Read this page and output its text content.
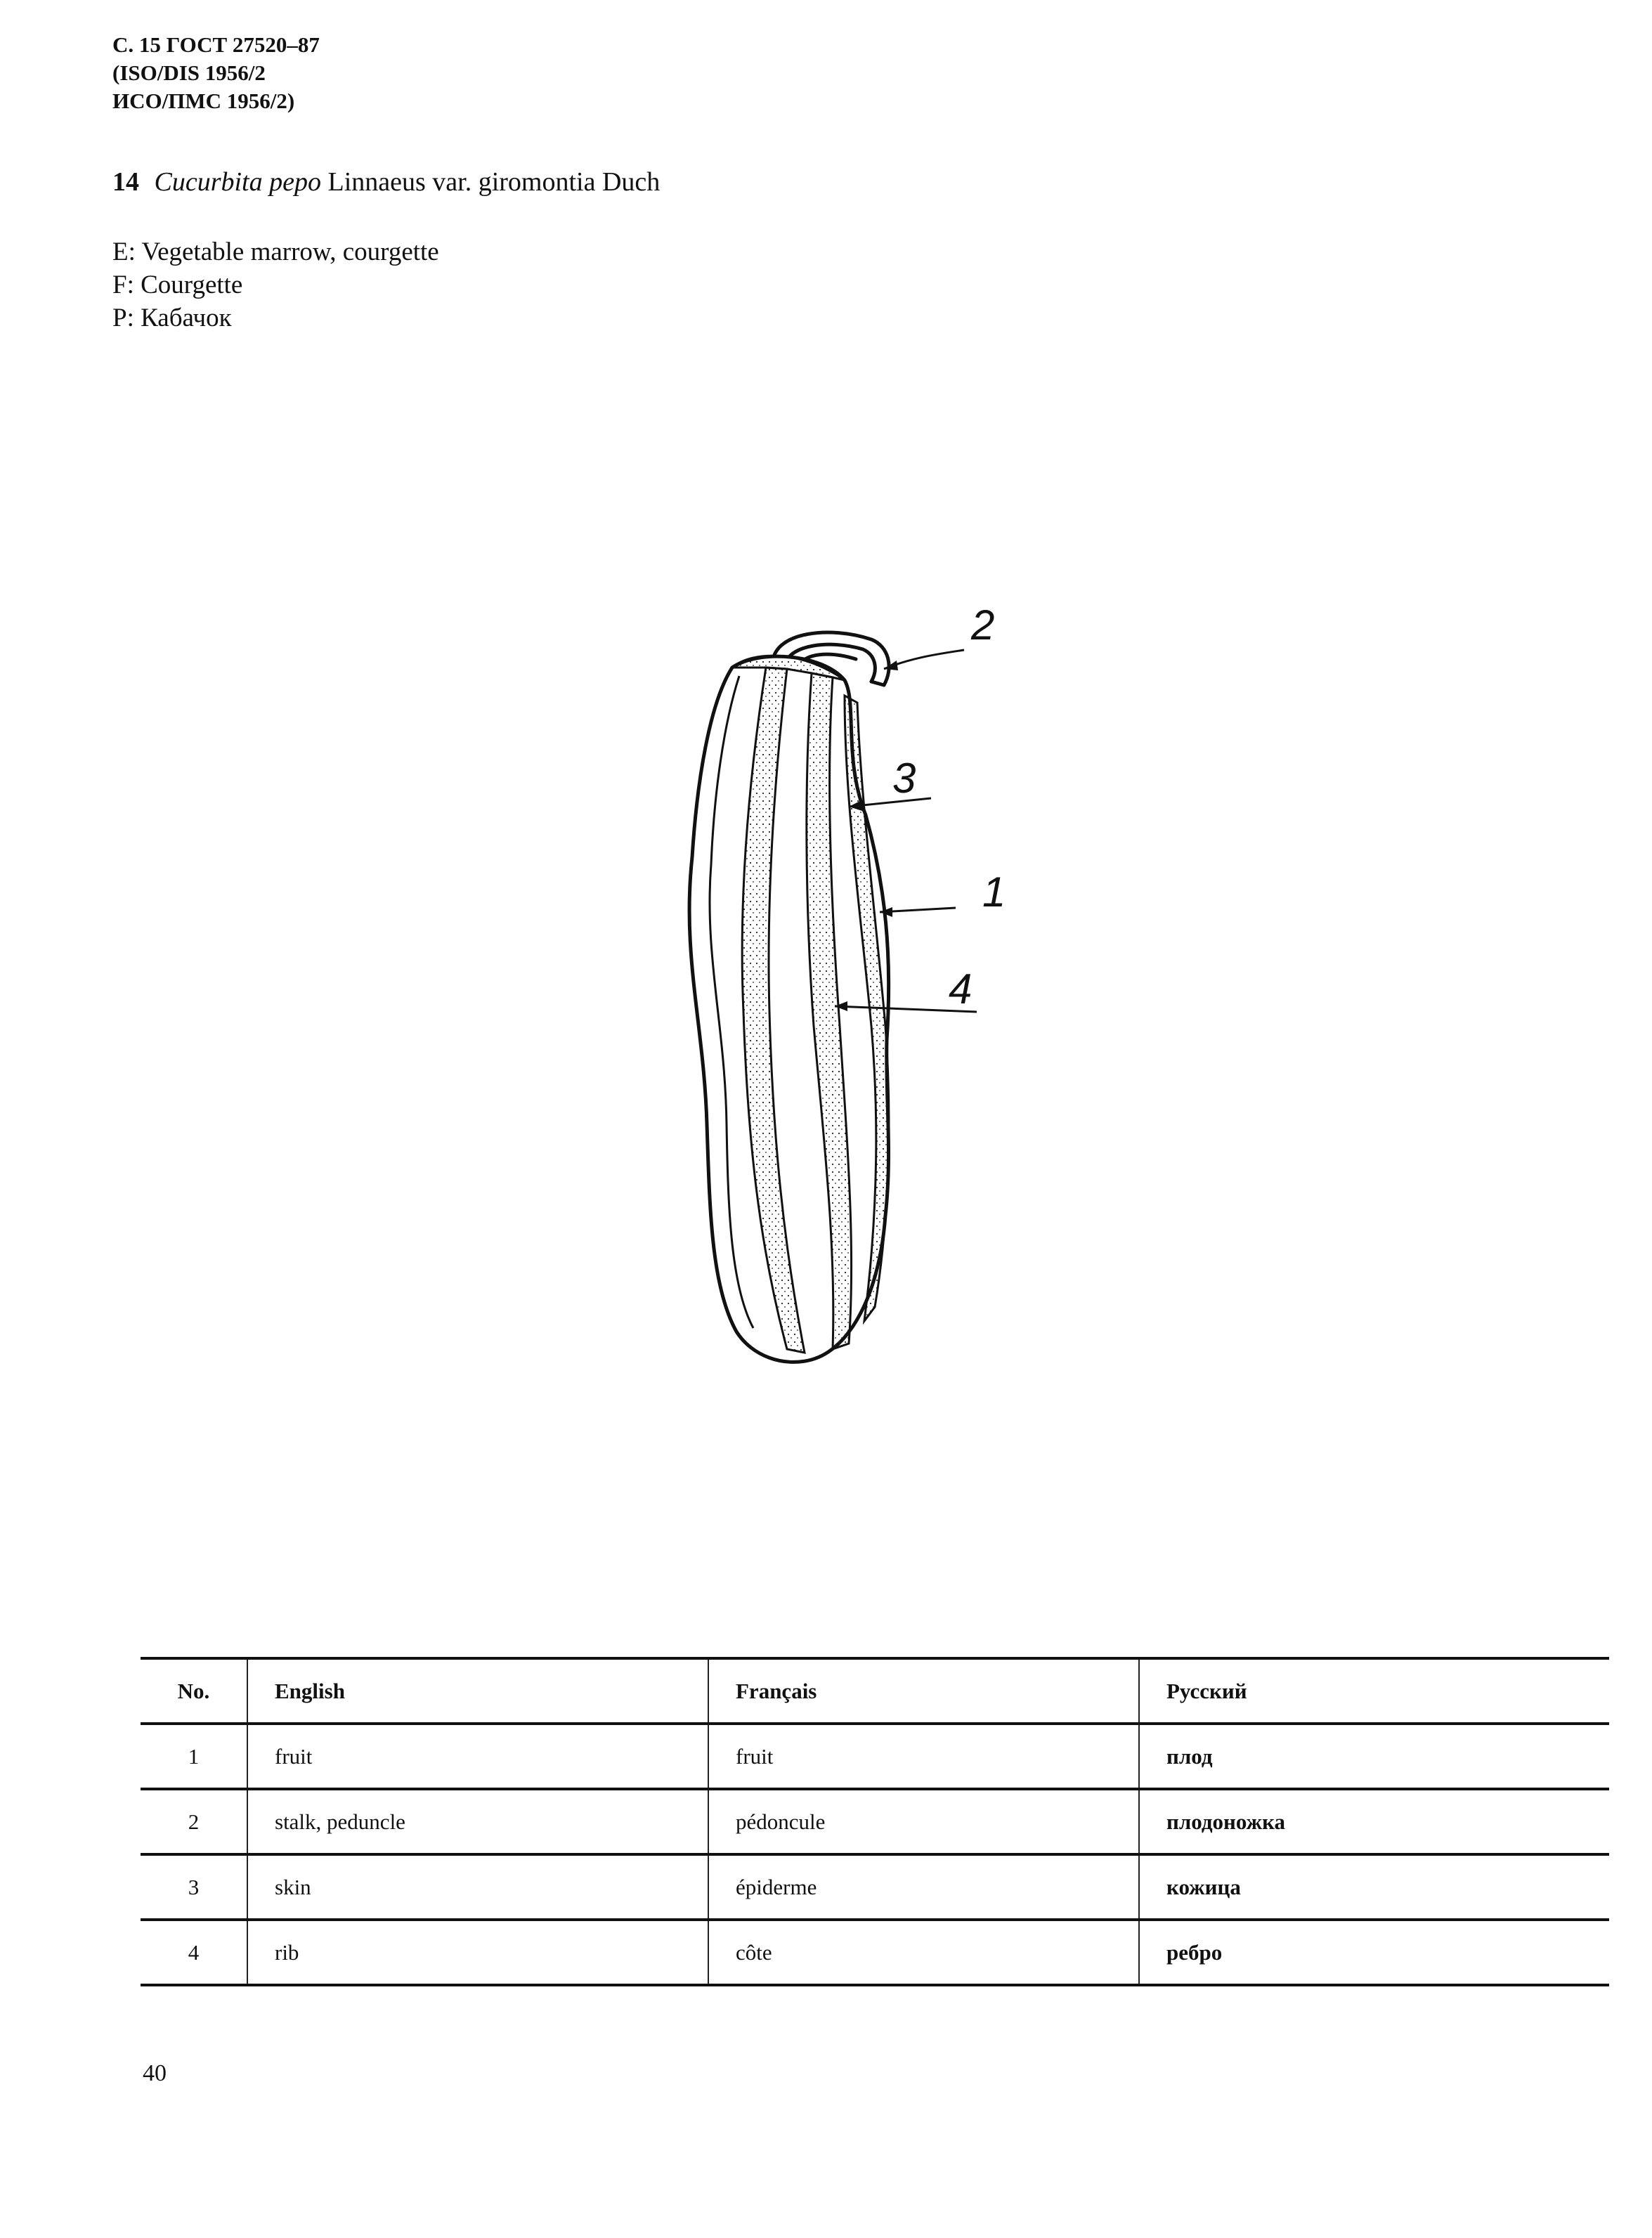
С. 15 ГОСТ 27520–87
(ISO/DIS 1956/2
ИСО/ПМС 1956/2)
14 Cucurbita pepo Linnaeus var. giromontia Duch
E: Vegetable marrow, courgette
F: Courgette
P: Кабачок
2
3
1
4
No.	English	Français	Русский
1	fruit	fruit	плод
2	stalk, peduncle	pédoncule	плодоножка
3	skin	épiderme	кожица
4	rib	côte	ребро
40
